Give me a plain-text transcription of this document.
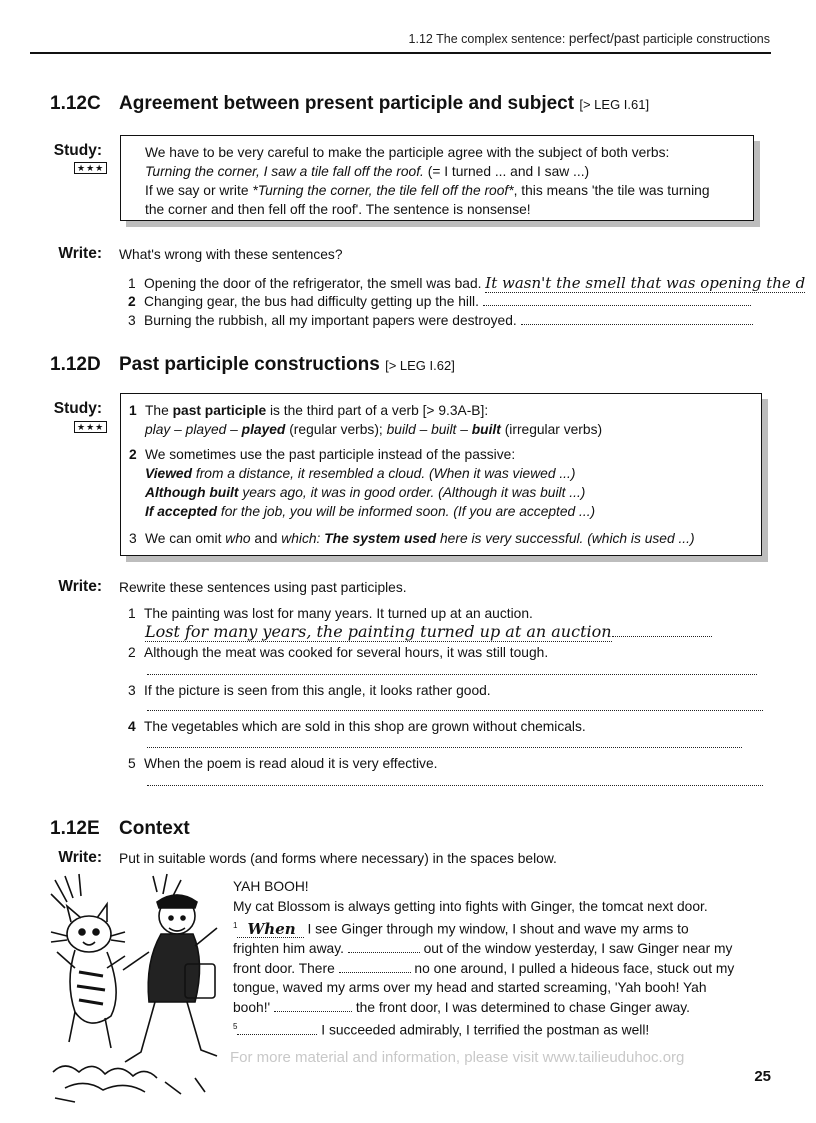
1.12 The complex sentence: perfect/past participle constructions
1.12C Agreement between present participle and subject [> LEG I.61]
Study:
★★★

We have to be very careful to make the participle agree with the subject of both verbs:

Turning the corner, I saw a tile fall off the roof. (= I turned ... and I saw ...)

If we say or write *Turning the corner, the tile fell off the roof*, this means 'the tile was turning

the corner and then fell off the roof'. The sentence is nonsense!

Write: What's wrong with these sentences?
1 Opening the door of the refrigerator, the smell was bad. It wasn't the smell that was opening the d
2 Changing gear, the bus had difficulty getting up the hill.
3 Burning the rubbish, all my important papers were destroyed.
1.12D Past participle constructions [> LEG I.62]
Study:
★★★

1 The past participle is the third part of a verb [> 9.3A-B]:

play – played – played (regular verbs); build – built – built (irregular verbs)

2 We sometimes use the past participle instead of the passive:

Viewed from a distance, it resembled a cloud. (When it was viewed ...)

Although built years ago, it was in good order. (Although it was built ...)

If accepted for the job, you will be informed soon. (If you are accepted ...)

3 We can omit who and which: The system used here is very successful. (which is used ...)

Write: Rewrite these sentences using past participles.
1 The painting was lost for many years. It turned up at an auction.
Lost for many years, the painting turned up at an auction
2 Although the meat was cooked for several hours, it was still tough.
3 If the picture is seen from this angle, it looks rather good.
4 The vegetables which are sold in this shop are grown without chemicals.
5 When the poem is read aloud it is very effective.
1.12E Context
Write: Put in suitable words (and forms where necessary) in the spaces below.
YAH BOOH!
My cat Blossom is always getting into fights with Ginger, the tomcat next door.
$^1$ When I see Ginger through my window, I shout and wave my arms to
frighten him away.	out of the window yesterday, I saw Ginger near my
front door. There	no one around, I pulled a hideous face, stuck out my
tongue, waved my arms over my head and started screaming, 'Yah booh! Yah
booh!'	the front door, I was determined to chase Ginger away.
$^5$	I succeeded admirably, I terrified the postman as well!
For more material and information, please visit www.tailieuduhoc.org
25
